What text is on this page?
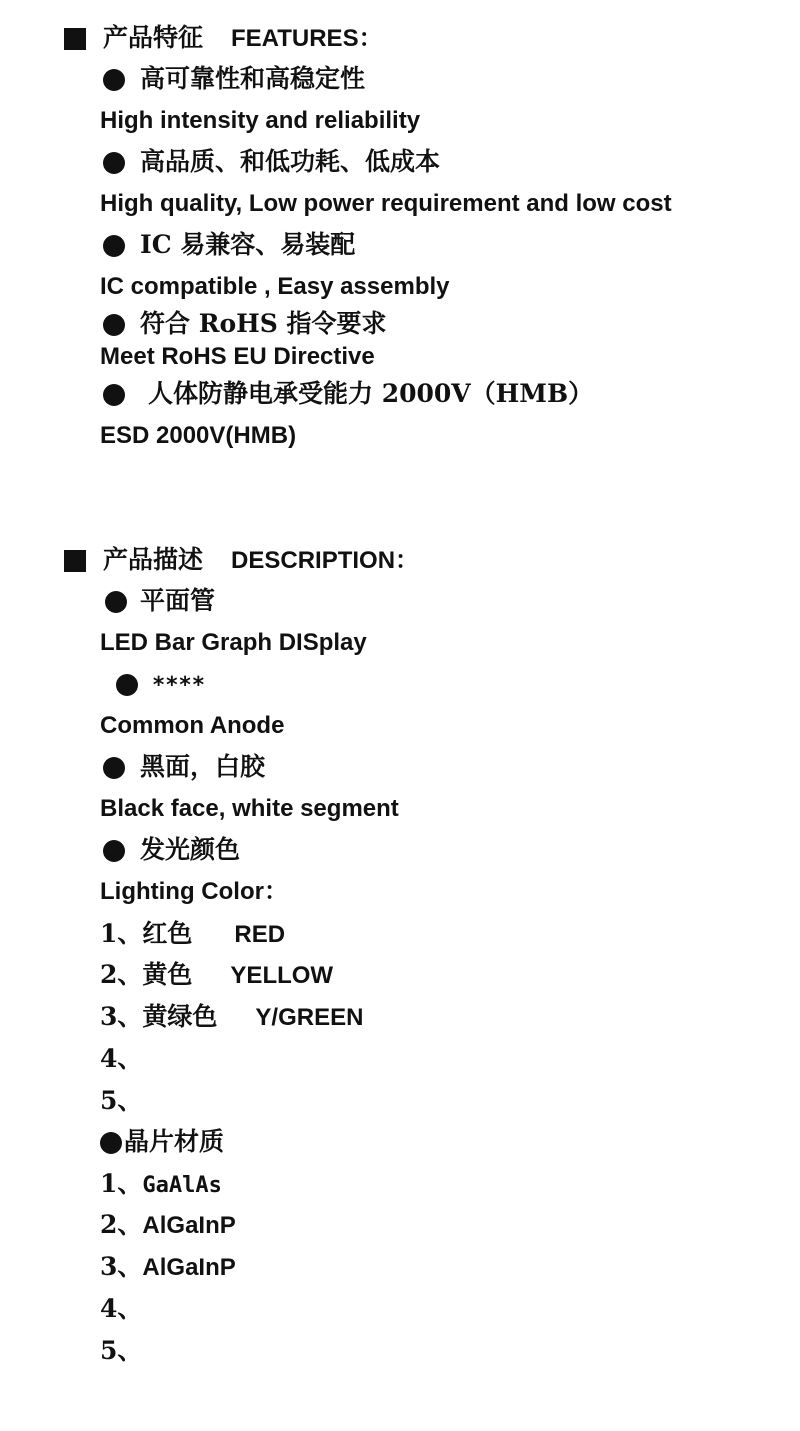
产品特征 FEATURES：
高可靠性和高稳定性
High intensity and reliability
高品质、和低功耗、低成本
High quality, Low power requirement and low cost
IC 易兼容、易装配
IC compatible , Easy assembly
符合 RoHS 指令要求
Meet RoHS EU Directive
人体防静电承受能力 2000V（HMB）
ESD 2000V(HMB)
产品描述 DESCRIPTION：
平面管
LED Bar Graph DISplay
****
Common Anode
黑面，白胶
Black face, white segment
发光颜色
Lighting Color：
1、红色 RED
2、黄色 YELLOW
3、黄绿色 Y/GREEN
4、
5、
晶片材质
1、GaAlAs
2、AlGaInP
3、AlGaInP
4、
5、
